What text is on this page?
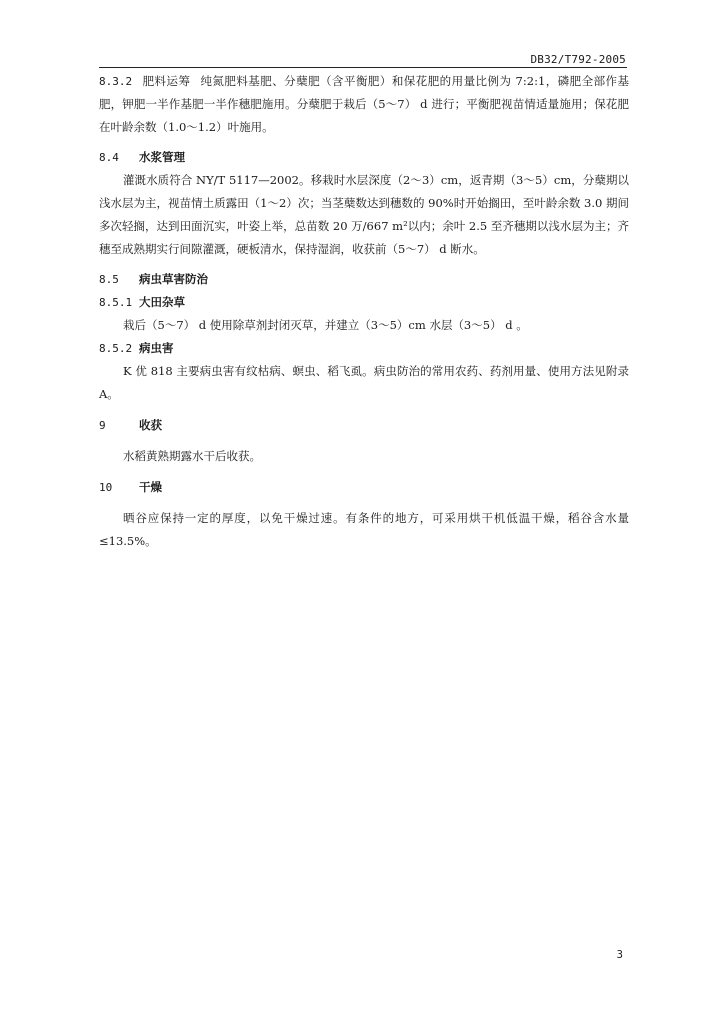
DB32/T792-2005

8.3.2 肥料运筹 纯氮肥料基肥、分蘖肥（含平衡肥）和保花肥的用量比例为 7:2:1，磷肥全部作基肥，钾肥一半作基肥一半作穗肥施用。分蘖肥于栽后（5～7） d 进行；平衡肥视苗情适量施用；保花肥在叶龄余数（1.0～1.2）叶施用。

8.4 水浆管理

灌溉水质符合 NY/T 5117—2002。移栽时水层深度（2～3）cm，返青期（3～5）cm，分蘖期以浅水层为主，视苗情土质露田（1～2）次；当茎蘖数达到穗数的 90%时开始搁田，至叶龄余数 3.0 期间多次轻搁，达到田面沉实，叶姿上举，总苗数 20 万/667 m²以内；余叶 2.5 至齐穗期以浅水层为主；齐穗至成熟期实行间隙灌溉，硬板清水，保持湿润，收获前（5～7） d 断水。

8.5 病虫草害防治
8.5.1 大田杂草

栽后（5～7） d 使用除草剂封闭灭草，并建立（3～5）cm 水层（3～5） d 。

8.5.2 病虫害

K 优 818 主要病虫害有纹枯病、螟虫、稻飞虱。病虫防治的常用农药、药剂用量、使用方法见附录 A。

9	收获

水稻黄熟期露水干后收获。

10 干燥

晒谷应保持一定的厚度，以免干燥过速。有条件的地方，可采用烘干机低温干燥，稻谷含水量≤13.5%。

3
